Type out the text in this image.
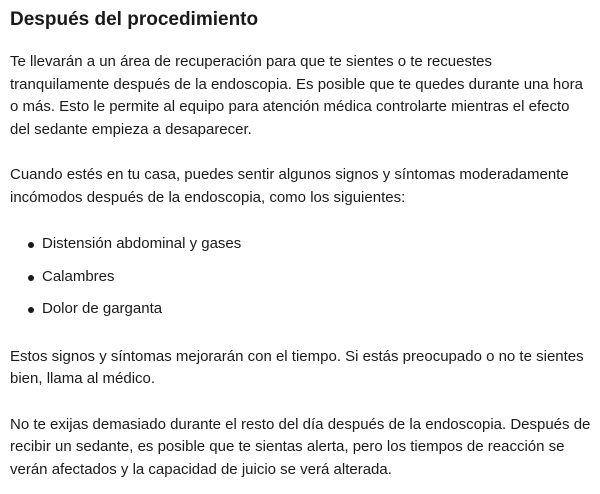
Después del procedimiento

Te llevarán a un área de recuperación para que te sientes o te recuestes tranquilamente después de la endoscopia. Es posible que te quedes durante una hora o más. Esto le permite al equipo para atención médica controlarte mientras el efecto del sedante empieza a desaparecer.

Cuando estés en tu casa, puedes sentir algunos signos y síntomas moderadamente incómodos después de la endoscopia, como los siguientes:

Distensión abdominal y gases
Calambres
Dolor de garganta

Estos signos y síntomas mejorarán con el tiempo. Si estás preocupado o no te sientes bien, llama al médico.

No te exijas demasiado durante el resto del día después de la endoscopia. Después de recibir un sedante, es posible que te sientas alerta, pero los tiempos de reacción se verán afectados y la capacidad de juicio se verá alterada.
